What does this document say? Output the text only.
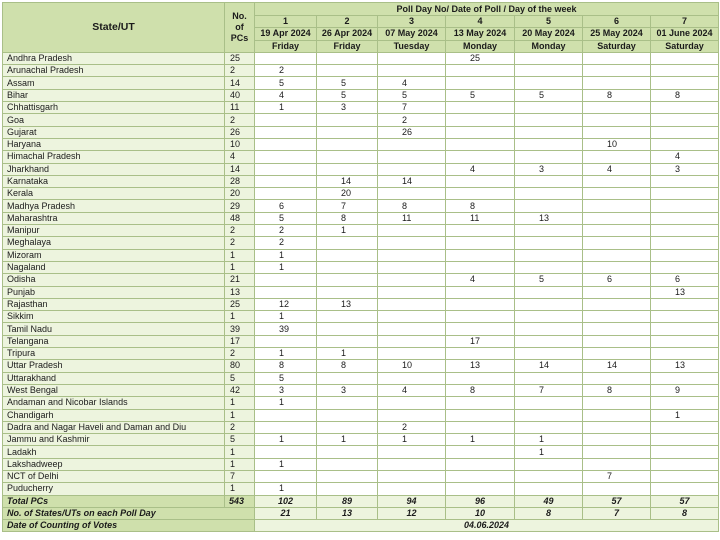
State/UT	No.
of
PCs	Poll Day No/ Date of Poll / Day of the week						
		1	2	3	4	5	6	7
		19 Apr 2024	26 Apr 2024	07 May 2024	13 May 2024	20 May 2024	25 May 2024	01 June 2024
		Friday	Friday	Tuesday	Monday	Monday	Saturday	Saturday
Andhra Pradesh	25				25			
Arunachal Pradesh	2	2						
Assam	14	5	5	4				
Bihar	40	4	5	5	5	5	8	8
Chhattisgarh	11	1	3	7				
Goa	2			2				
Gujarat	26			26				
Haryana	10						10	
Himachal Pradesh	4							4
Jharkhand	14				4	3	4	3
Karnataka	28		14	14				
Kerala	20		20					
Madhya Pradesh	29	6	7	8	8			
Maharashtra	48	5	8	11	11	13		
Manipur	2	2	1					
Meghalaya	2	2						
Mizoram	1	1						
Nagaland	1	1						
Odisha	21				4	5	6	6
Punjab	13							13
Rajasthan	25	12	13					
Sikkim	1	1						
Tamil Nadu	39	39						
Telangana	17				17			
Tripura	2	1	1					
Uttar Pradesh	80	8	8	10	13	14	14	13
Uttarakhand	5	5						
West Bengal	42	3	3	4	8	7	8	9
Andaman and Nicobar Islands	1	1						
Chandigarh	1							1
Dadra and Nagar Haveli and Daman and Diu	2			2				
Jammu and Kashmir	5	1	1	1	1	1		
Ladakh	1					1		
Lakshadweep	1	1						
NCT of Delhi	7						7	
Puducherry	1	1						
Total PCs	543	102	89	94	96	49	57	57
No. of States/UTs on each Poll Day		21	13	12	10	8	7	8
Date of Counting of Votes		04.06.2024						
